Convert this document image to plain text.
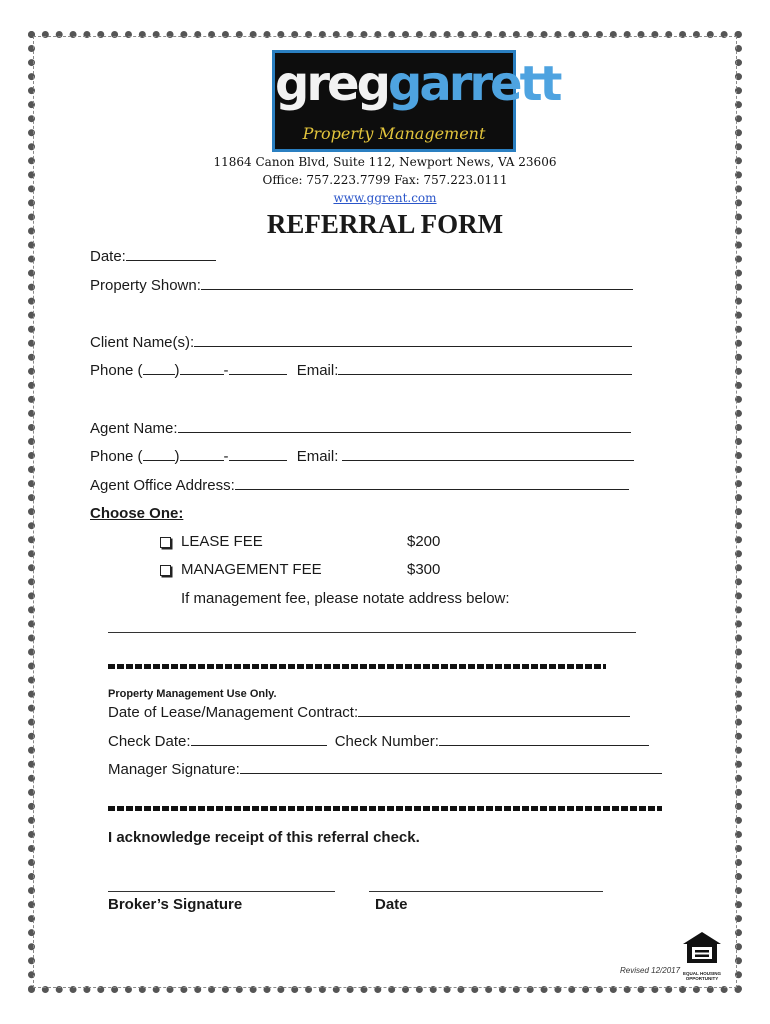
greggarrett
Property Management
11864 Canon Blvd, Suite 112, Newport News, VA 23606
Office: 757.223.7799 Fax: 757.223.0111
www.ggrent.com
REFERRAL FORM
Date:
Property Shown:
Client Name(s):
Phone ( )	-	Email:
Agent Name:
Phone ( )	-	Email:
Agent Office Address:
Choose One:
LEASE FEE	$200
MANAGEMENT FEE	$300
If management fee, please notate address below:
Property Management Use Only.
Date of Lease/Management Contract:
Check Date:	Check Number:
Manager Signature:
I acknowledge receipt of this referral check.
Broker’s Signature	Date
Revised 12/2017 EQUAL HOUSING OPPORTUNITY
